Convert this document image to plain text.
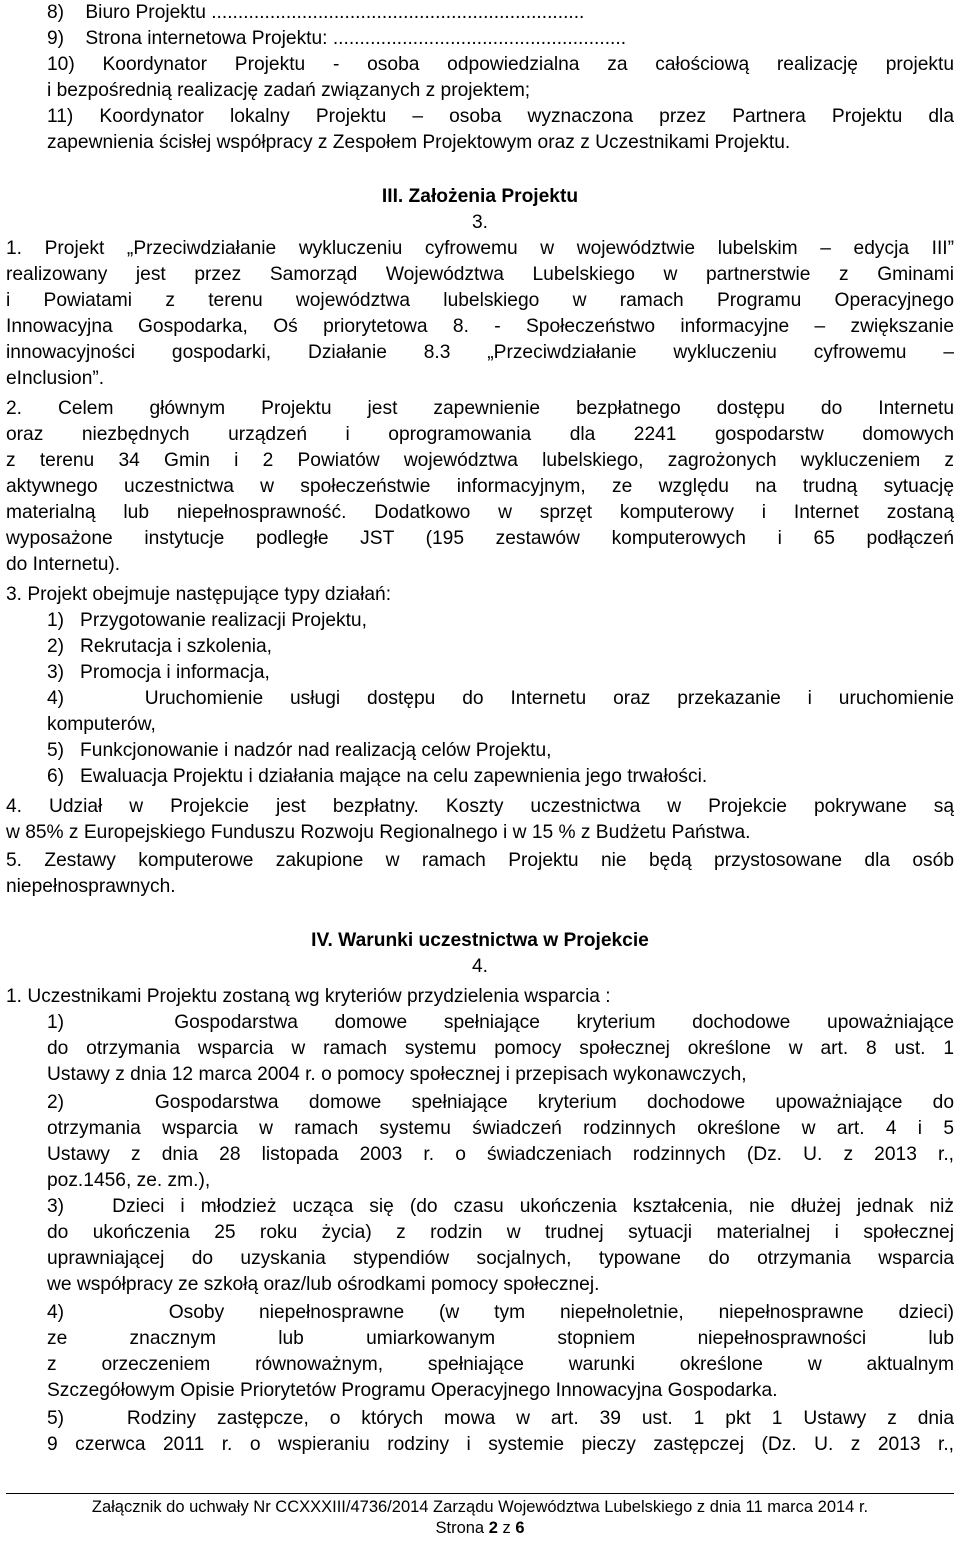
8)    Biuro Projektu ......................................................................
9)    Strona internetowa Projektu: .......................................................
10) Koordynator Projektu - osoba odpowiedzialna za całościową realizację projektu
i bezpośrednią realizację zadań związanych z projektem;
11) Koordynator lokalny Projektu – osoba wyznaczona przez Partnera Projektu dla
zapewnienia ścisłej współpracy z Zespołem Projektowym oraz z Uczestnikami Projektu.
III. Założenia Projektu
3.
1. Projekt „Przeciwdziałanie wykluczeniu cyfrowemu w województwie lubelskim – edycja III”
realizowany jest przez Samorząd Województwa Lubelskiego w partnerstwie z Gminami
i Powiatami z terenu województwa lubelskiego w ramach Programu Operacyjnego
Innowacyjna Gospodarka, Oś priorytetowa 8. - Społeczeństwo informacyjne – zwiększanie
innowacyjności gospodarki, Działanie 8.3 „Przeciwdziałanie wykluczeniu cyfrowemu –
eInclusion”.
2. Celem głównym Projektu jest zapewnienie bezpłatnego dostępu do Internetu
oraz niezbędnych urządzeń i oprogramowania dla 2241 gospodarstw domowych
z terenu 34 Gmin i 2 Powiatów województwa lubelskiego, zagrożonych wykluczeniem z
aktywnego uczestnictwa w społeczeństwie informacyjnym, ze względu na trudną sytuację
materialną lub niepełnosprawność. Dodatkowo w sprzęt komputerowy i Internet zostaną
wyposażone instytucje podległe JST (195 zestawów komputerowych i 65 podłączeń
do Internetu).
3. Projekt obejmuje następujące typy działań:
1)   Przygotowanie realizacji Projektu,
2)   Rekrutacja i szkolenia,
3)   Promocja i informacja,
4)   Uruchomienie usługi dostępu do Internetu oraz przekazanie i uruchomienie
komputerów,
5)   Funkcjonowanie i nadzór nad realizacją celów Projektu,
6)   Ewaluacja Projektu i działania mające na celu zapewnienia jego trwałości.
4. Udział w Projekcie jest bezpłatny. Koszty uczestnictwa w Projekcie pokrywane są
w 85% z Europejskiego Funduszu Rozwoju Regionalnego i w 15 % z Budżetu Państwa.
5. Zestawy komputerowe zakupione w ramach Projektu nie będą przystosowane dla osób
niepełnosprawnych.
IV. Warunki uczestnictwa w Projekcie
4.
1. Uczestnikami Projektu zostaną wg kryteriów przydzielenia wsparcia :
1)   Gospodarstwa domowe spełniające kryterium dochodowe upoważniające
do otrzymania wsparcia w ramach systemu pomocy społecznej określone w art. 8 ust. 1
Ustawy z dnia 12 marca 2004 r. o pomocy społecznej i przepisach wykonawczych,
2)   Gospodarstwa domowe spełniające kryterium dochodowe upoważniające do
otrzymania wsparcia w ramach systemu świadczeń rodzinnych określone w art. 4 i 5
Ustawy z dnia 28 listopada 2003 r. o świadczeniach rodzinnych (Dz. U. z 2013 r.,
poz.1456, ze. zm.),
3)   Dzieci i młodzież ucząca się (do czasu ukończenia kształcenia, nie dłużej jednak niż
do ukończenia 25 roku życia) z rodzin w trudnej sytuacji materialnej i społecznej
uprawniającej do uzyskania stypendiów socjalnych, typowane do otrzymania wsparcia
we współpracy ze szkołą oraz/lub ośrodkami pomocy społecznej.
4)   Osoby niepełnosprawne (w tym niepełnoletnie, niepełnosprawne dzieci)
ze znacznym lub umiarkowanym stopniem niepełnosprawności lub
z orzeczeniem równoważnym, spełniające warunki określone w aktualnym
Szczegółowym Opisie Priorytetów Programu Operacyjnego Innowacyjna Gospodarka.
5)   Rodziny zastępcze, o których mowa w art. 39 ust. 1 pkt 1 Ustawy z dnia
9 czerwca 2011 r. o wspieraniu rodziny i systemie pieczy zastępczej (Dz. U. z 2013 r.,
Załącznik do uchwały Nr CCXXXIII/4736/2014 Zarządu Województwa Lubelskiego z dnia 11 marca 2014 r.
Strona 2 z 6
